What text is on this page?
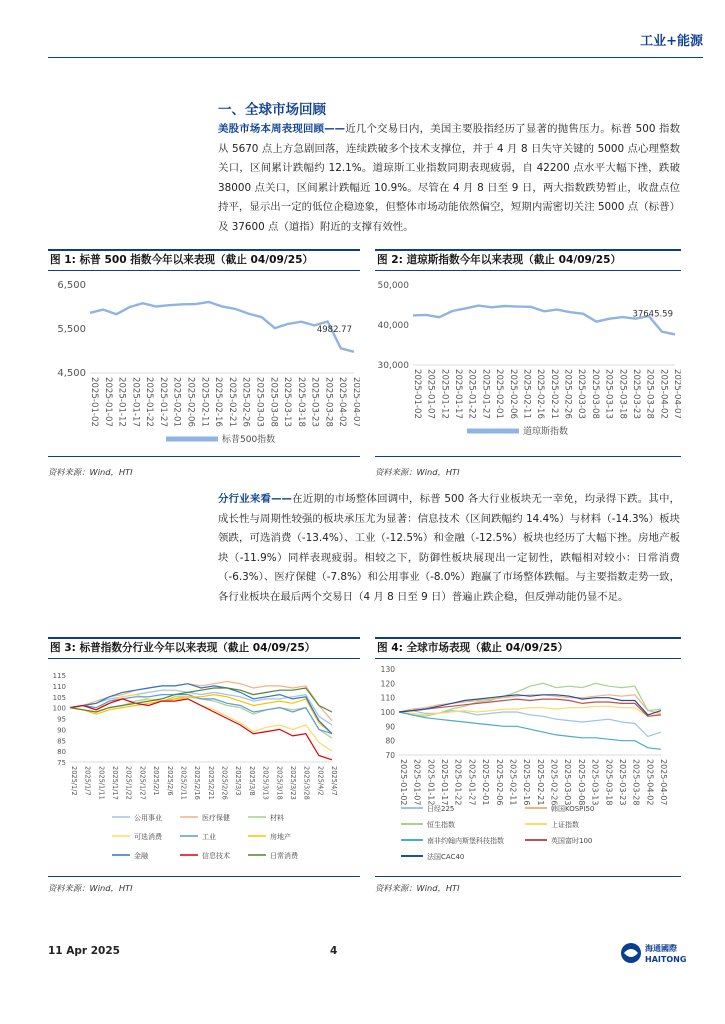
工业+能源
一、全球市场回顾
美股市场本周表现回顾——近几个交易日内，美国主要股指经历了显著的抛售压力。标普 500 指数从 5670 点上方急剧回落，连续跌破多个技术支撑位，并于 4 月 8 日失守关键的 5000 点心理整数关口，区间累计跌幅约 12.1%。道琼斯工业指数同期表现疲弱，自 42200 点水平大幅下挫，跌破 38000 点关口，区间累计跌幅近 10.9%。尽管在 4 月 8 日至 9 日，两大指数跌势暂止，收盘点位持平，显示出一定的低位企稳迹象，但整体市场动能依然偏空，短期内需密切关注 5000 点（标普）及 37600 点（道指）附近的支撑有效性。
图 1: 标普 500 指数今年以来表现（截止 04/09/25）
6,500
5,500
4,500
2025-01-02 2025-01-07 2025-01-12 2025-01-17 2025-01-22 2025-01-27 2025-02-01 2025-02-06 2025-02-11 2025-02-16 2025-02-21 2025-02-26 2025-03-03 2025-03-08 2025-03-13 2025-03-18 2025-03-23 2025-03-28 2025-04-02 2025-04-07
4982.77
标普500指数
资料来源：Wind，HTI
图 2: 道琼斯指数今年以来表现（截止 04/09/25）
50,000
40,000
30,000
2025-01-02 2025-01-07 2025-01-12 2025-01-17 2025-01-22 2025-01-27 2025-02-01 2025-02-06 2025-02-11 2025-02-16 2025-02-21 2025-02-26 2025-03-03 2025-03-08 2025-03-13 2025-03-18 2025-03-23 2025-03-28 2025-04-02 2025-04-07
37645.59
道琼斯指数
资料来源：Wind，HTI
分行业来看——在近期的市场整体回调中，标普 500 各大行业板块无一幸免，均录得下跌。其中，成长性与周期性较强的板块承压尤为显著：信息技术（区间跌幅约 14.4%）与材料（-14.3%）板块领跌，可选消费（-13.4%）、工业（-12.5%）和金融（-12.5%）板块也经历了大幅下挫。房地产板块（-11.9%）同样表现疲弱。相较之下，防御性板块展现出一定韧性，跌幅相对较小：日常消费（-6.3%）、医疗保健（-7.8%）和公用事业（-8.0%）跑赢了市场整体跌幅。与主要指数走势一致，各行业板块在最后两个交易日（4 月 8 日至 9 日）普遍止跌企稳，但反弹动能仍显不足。
图 3: 标普指数分行业今年以来表现（截止 04/09/25）
115
110
105
100
95
90
85
80
75
2025/1/2 2025/1/7 2025/1/11 2025/1/17 2025/1/22 2025/1/27 2025/2/1 2025/2/6 2025/2/11 2025/2/16 2025/2/21 2025/2/26 2025/3/3 2025/3/8 2025/3/13 2025/3/18 2025/3/23 2025/3/28 2025/4/2 2025/4/7
公用事业	医疗保健	材料
可选消费	工业	房地产
金融	信息技术	日常消费
资料来源：Wind，HTI
图 4: 全球市场表现（截止 04/09/25）
130
120
110
100
90
80
70
2025-01-02 2025-01-07 2025-01-12 2025-01-17 2025-01-22 2025-01-27 2025-02-01 2025-02-06 2025-02-11 2025-02-16 2025-02-21 2025-02-26 2025-03-03 2025-03-08 2025-03-13 2025-03-18 2025-03-23 2025-03-28 2025-04-02 2025-04-07
日经225	韩国KOSPI50
恒生指数	上证指数
南非约翰内斯堡科技指数	英国富时100
法国CAC40
资料来源：Wind，HTI
11 Apr 2025	4	海通國際
HAITONG
